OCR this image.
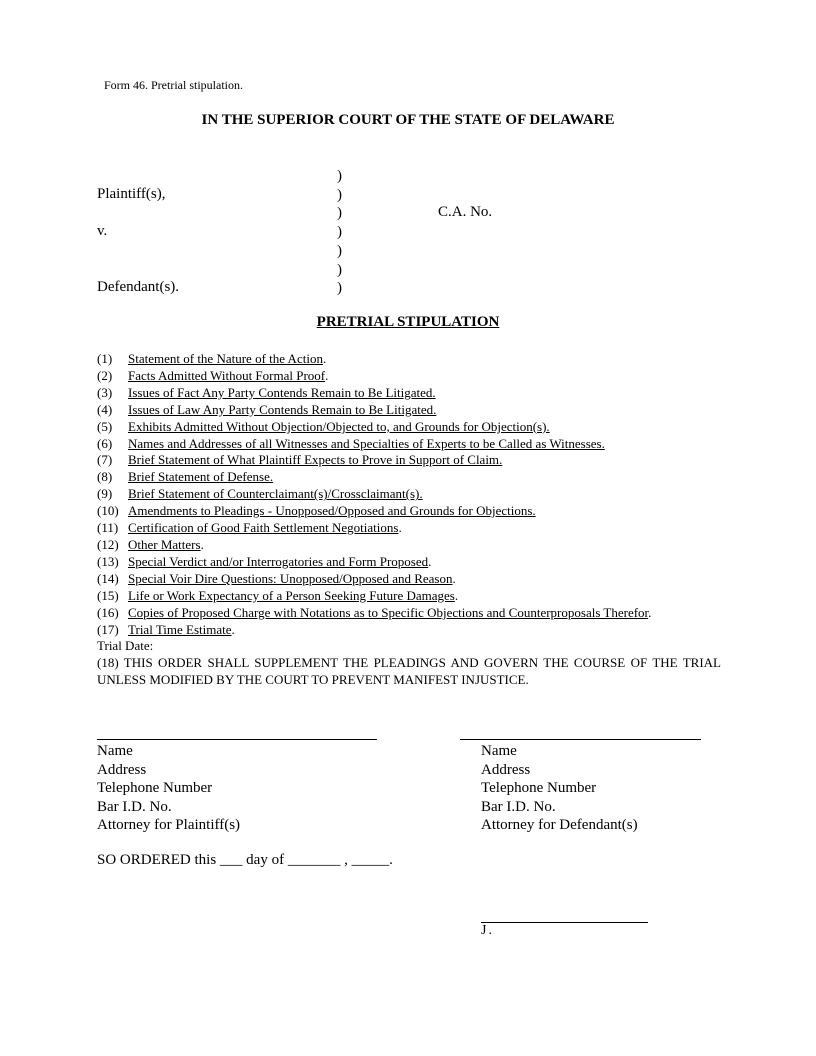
Form 46. Pretrial stipulation.
IN THE SUPERIOR COURT OF THE STATE OF DELAWARE
Plaintiff(s),
v.
Defendant(s).
)
)
)
)
)
)
)
C.A. No.
PRETRIAL STIPULATION
(1)	Statement of the Nature of the Action.
(2)	Facts Admitted Without Formal Proof.
(3)	Issues of Fact Any Party Contends Remain to Be Litigated.
(4)	Issues of Law Any Party Contends Remain to Be Litigated.
(5)	Exhibits Admitted Without Objection/Objected to, and Grounds for Objection(s).
(6)	Names and Addresses of all Witnesses and Specialties of Experts to be Called as Witnesses.
(7)	Brief Statement of What Plaintiff Expects to Prove in Support of Claim.
(8)	Brief Statement of Defense.
(9)	Brief Statement of Counterclaimant(s)/Crossclaimant(s).
(10) Amendments to Pleadings - Unopposed/Opposed and Grounds for Objections.
(11) Certification of Good Faith Settlement Negotiations.
(12) Other Matters.
(13) Special Verdict and/or Interrogatories and Form Proposed.
(14) Special Voir Dire Questions: Unopposed/Opposed and Reason.
(15) Life or Work Expectancy of a Person Seeking Future Damages.
(16) Copies of Proposed Charge with Notations as to Specific Objections and Counterproposals Therefor.
(17) Trial Time Estimate.
Trial Date:
(18) THIS ORDER SHALL SUPPLEMENT THE PLEADINGS AND GOVERN THE COURSE OF THE TRIAL UNLESS MODIFIED BY THE COURT TO PREVENT MANIFEST INJUSTICE.
Name
Address
Telephone Number
Bar I.D. No.
Attorney for Plaintiff(s)
Name
Address
Telephone Number
Bar I.D. No.
Attorney for Defendant(s)
SO ORDERED this ___ day of _______ , _____.
J.
